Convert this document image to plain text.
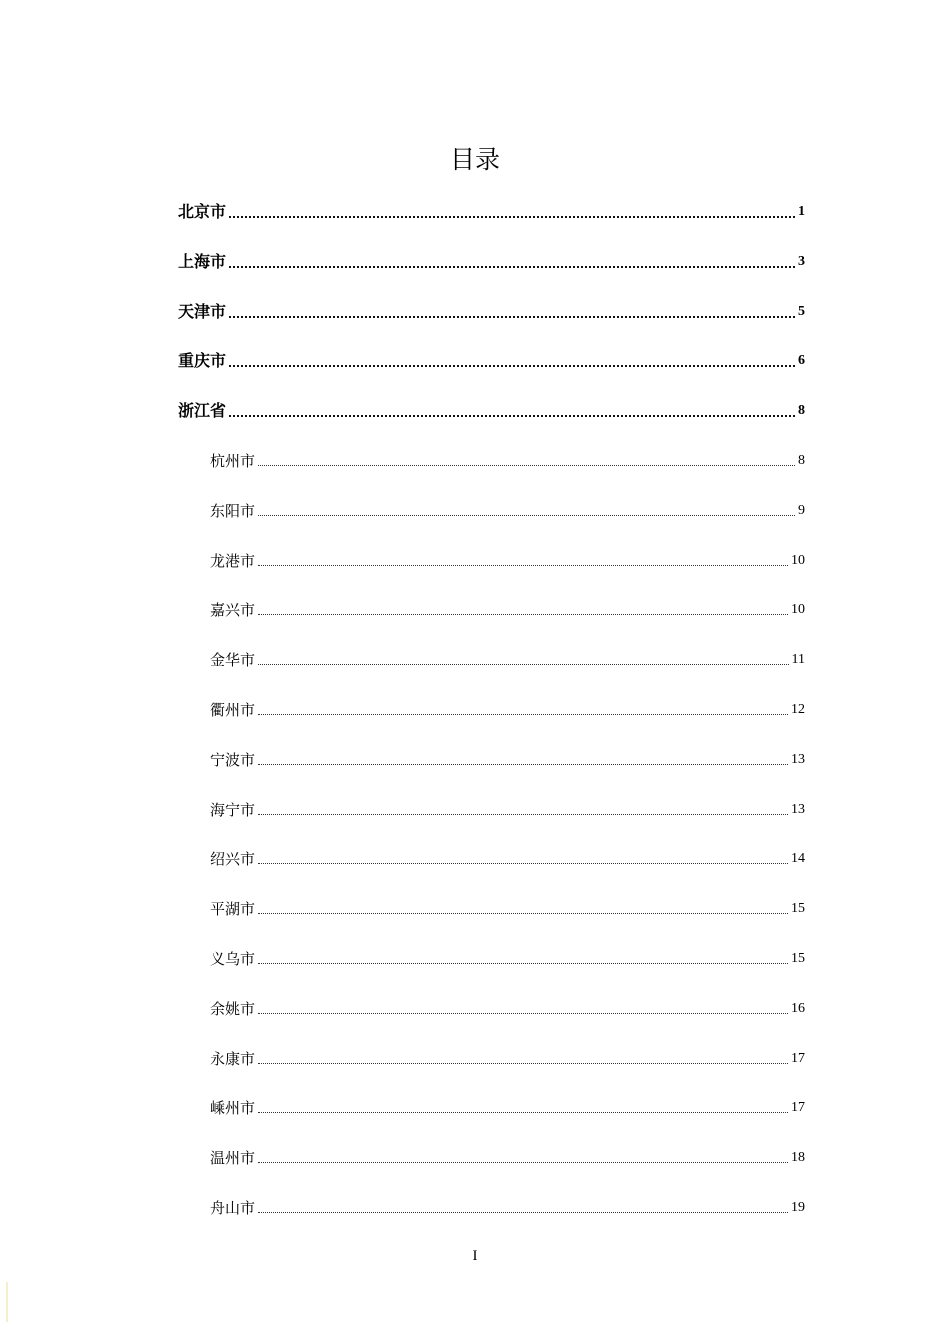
目录
北京市	1
上海市	3
天津市	5
重庆市	6
浙江省	8
杭州市	8
东阳市	9
龙港市	10
嘉兴市	10
金华市	11
衢州市	12
宁波市	13
海宁市	13
绍兴市	14
平湖市	15
义乌市	15
余姚市	16
永康市	17
嵊州市	17
温州市	18
舟山市	19
I
